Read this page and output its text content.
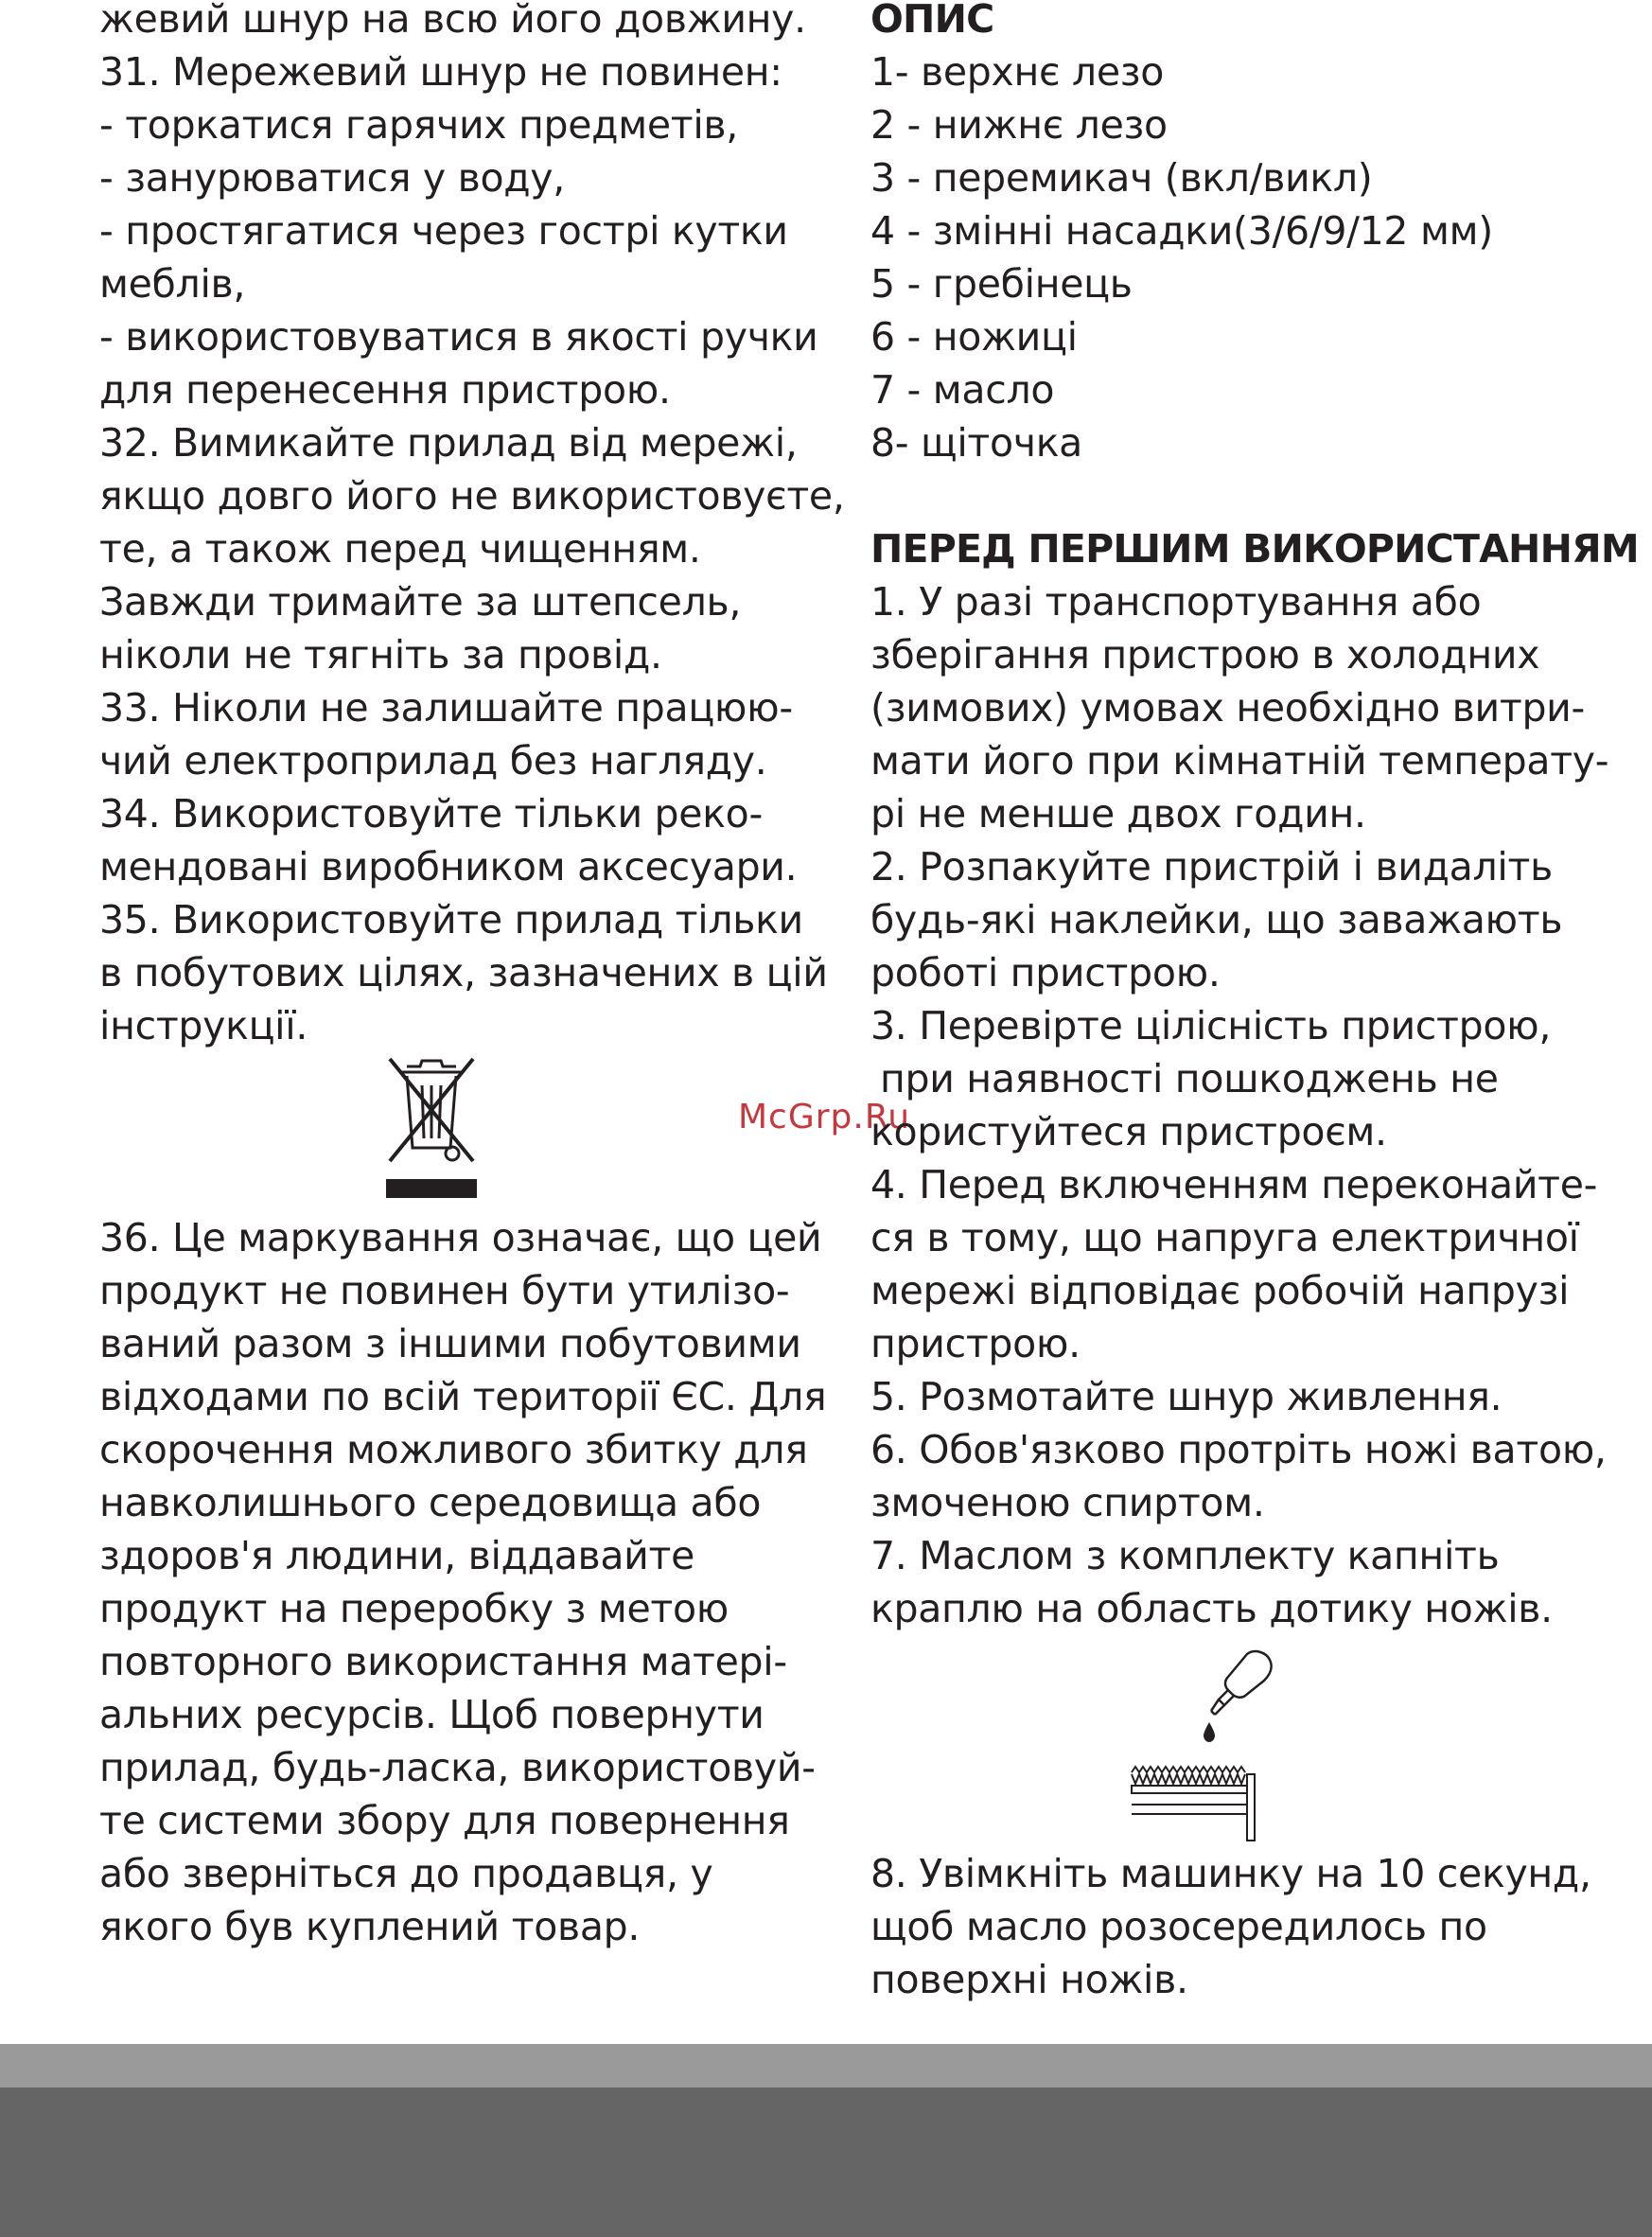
жевий шнур на всю його довжину.
31. Мережевий шнур не повинен:
- торкатися гарячих предметів,
- занурюватися у воду,
- простягатися через гострі кутки
меблів,
- використовуватися в якості ручки
для перенесення пристрою.
32. Вимикайте прилад від мережі,
якщо довго його не використовуєте,
те, а також перед чищенням.
Завжди тримайте за штепсель,
ніколи не тягніть за провід.
33. Ніколи не залишайте працюю-
чий електроприлад без нагляду.
34. Використовуйте тільки реко-
мендовані виробником аксесуари.
35. Використовуйте прилад тільки
в побутових цілях, зазначених в цій
інструкції.
36. Це маркування означає, що цей
продукт не повинен бути утилізо-
ваний разом з іншими побутовими
відходами по всій території ЄС. Для
скорочення можливого збитку для
навколишнього середовища або
здоров'я людини, віддавайте
продукт на переробку з метою
повторного використання матері-
альних ресурсів. Щоб повернути
прилад, будь-ласка, використовуй-
те системи збору для повернення
або зверніться до продавця, у
якого був куплений товар.
McGrp.Ru
ОПИС
1- верхнє лезо
2 - нижнє лезо
3 - перемикач (вкл/викл)
4 - змінні насадки(3/6/9/12 мм)
5 - гребінець
6 - ножиці
7 - масло
8- щіточка
ПЕРЕД ПЕРШИМ ВИКОРИСТАННЯМ
1. У разі транспортування або
зберігання пристрою в холодних
(зимових) умовах необхідно витри-
мати його при кімнатній температу-
рі не менше двох годин.
2. Розпакуйте пристрій і видаліть
будь-які наклейки, що заважають
роботі пристрою.
3. Перевірте цілісність пристрою,
при наявності пошкоджень не
користуйтеся пристроєм.
4. Перед включенням переконайте-
ся в тому, що напруга електричної
мережі відповідає робочій напрузі
пристрою.
5. Розмотайте шнур живлення.
6. Обов'язково протріть ножі ватою,
змоченою спиртом.
7. Маслом з комплекту капніть
краплю на область дотику ножів.
8. Увімкніть машинку на 10 секунд,
щоб масло розосередилось по
поверхні ножів.
